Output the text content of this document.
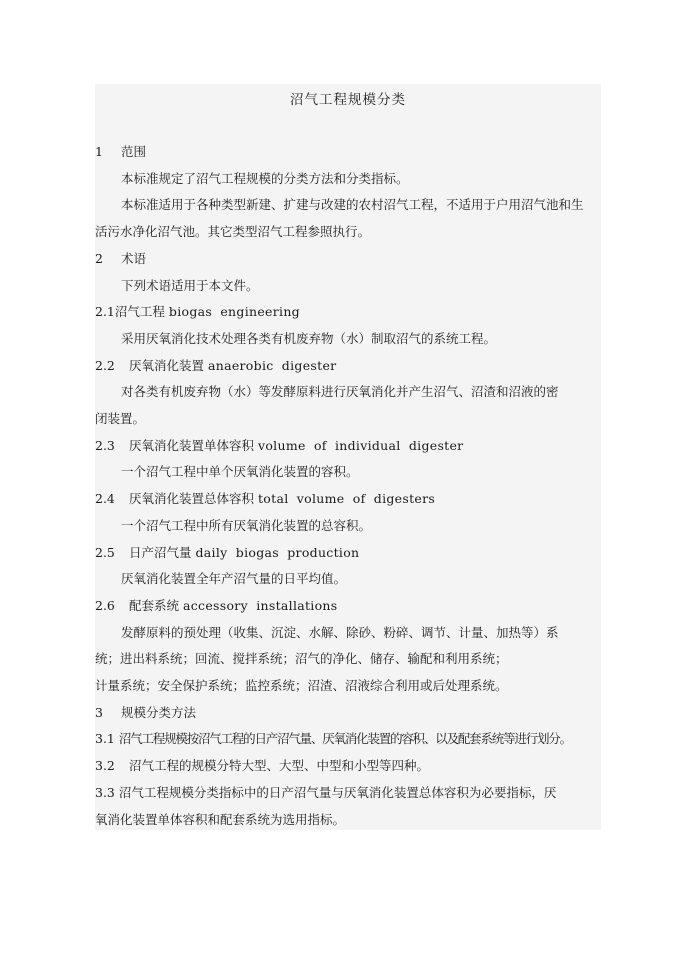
沼气工程规模分类
1 范围
本标准规定了沼气工程规模的分类方法和分类指标。
本标准适用于各种类型新建、扩建与改建的农村沼气工程，不适用于户用沼气池和生
活污水净化沼气池。其它类型沼气工程参照执行。
2 术语
下列术语适用于本文件。
2.1沼气工程 biogas engineering
采用厌氧消化技术处理各类有机废弃物（水）制取沼气的系统工程。
2.2 厌氧消化装置 anaerobic digester
对各类有机废弃物（水）等发酵原料进行厌氧消化并产生沼气、沼渣和沼液的密
闭装置。
2.3 厌氧消化装置单体容积 volume of individual digester
一个沼气工程中单个厌氧消化装置的容积。
2.4 厌氧消化装置总体容积 total volume of digesters
一个沼气工程中所有厌氧消化装置的总容积。
2.5 日产沼气量 daily biogas production
厌氧消化装置全年产沼气量的日平均值。
2.6 配套系统 accessory installations
发酵原料的预处理（收集、沉淀、水解、除砂、粉碎、调节、计量、加热等）系
统；进出料系统；回流、搅拌系统；沼气的净化、储存、输配和利用系统；
计量系统；安全保护系统；监控系统；沼渣、沼液综合利用或后处理系统。
3 规模分类方法
3.1 沼气工程规模按沼气工程的日产沼气量、厌氧消化装置的容积、以及配套系统等进行划分。
3.2 沼气工程的规模分特大型、大型、中型和小型等四种。
3.3 沼气工程规模分类指标中的日产沼气量与厌氧消化装置总体容积为必要指标，厌
氧消化装置单体容积和配套系统为选用指标。
